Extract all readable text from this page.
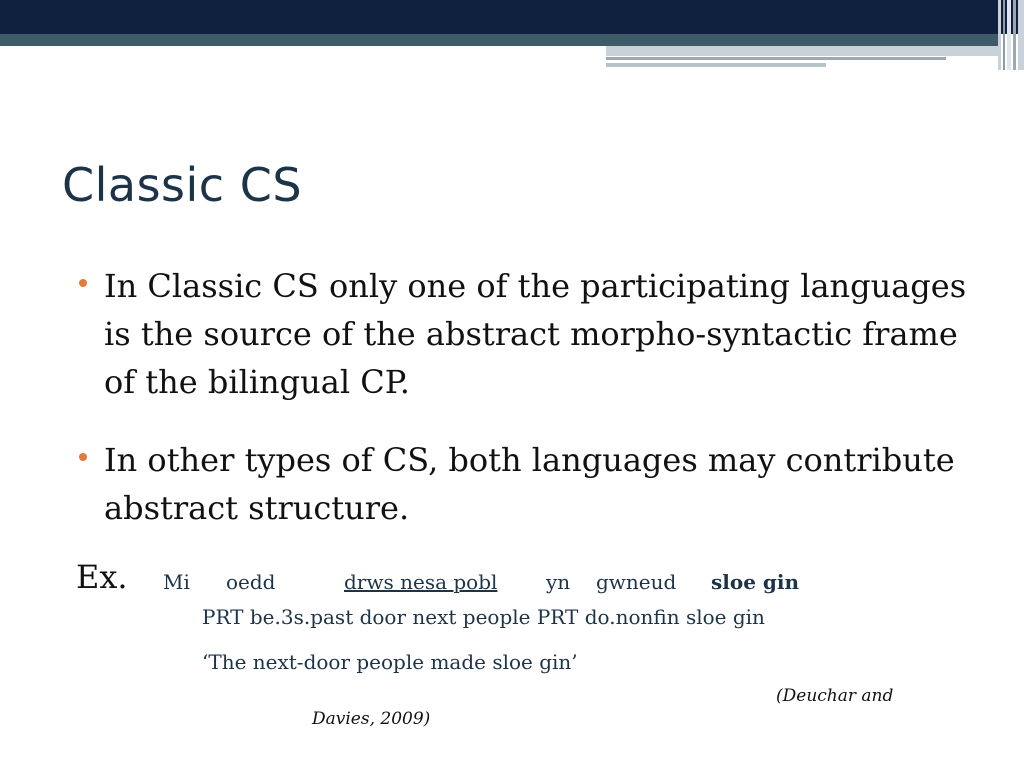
Classic CS
In Classic CS only one of the participating languages is the source of the abstract morpho-syntactic frame of the bilingual CP.
In other types of CS, both languages may contribute abstract structure.
Ex. Mi oedd	drws nesa pobl yn gwneud sloe gin
PRT be.3s.past door next people PRT do.nonfin sloe gin
‘The next-door people made sloe gin’
(Deuchar and
Davies, 2009)
